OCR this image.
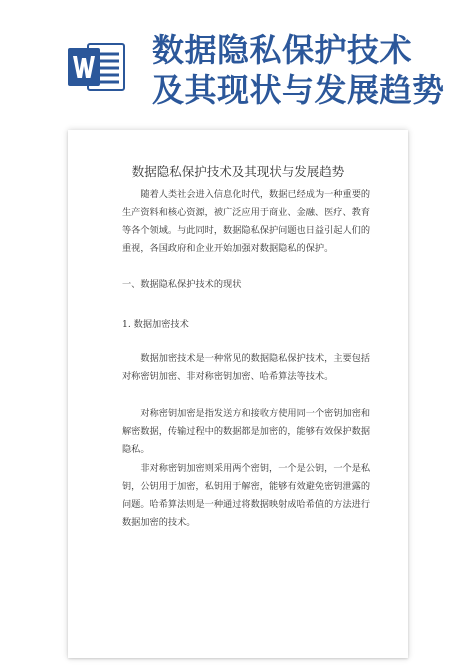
数据隐私保护技术
及其现状与发展趋势

数据隐私保护技术及其现状与发展趋势

随着人类社会进入信息化时代，数据已经成为一种重要的生产资料和核心资源，被广泛应用于商业、金融、医疗、教育等各个领域。与此同时，数据隐私保护问题也日益引起人们的重视，各国政府和企业开始加强对数据隐私的保护。

一、数据隐私保护技术的现状

1. 数据加密技术

数据加密技术是一种常见的数据隐私保护技术，主要包括对称密钥加密、非对称密钥加密、哈希算法等技术。

对称密钥加密是指发送方和接收方使用同一个密钥加密和解密数据，传输过程中的数据都是加密的，能够有效保护数据隐私。

非对称密钥加密则采用两个密钥，一个是公钥，一个是私钥，公钥用于加密，私钥用于解密，能够有效避免密钥泄露的问题。哈希算法则是一种通过将数据映射成哈希值的方法进行数据加密的技术。
